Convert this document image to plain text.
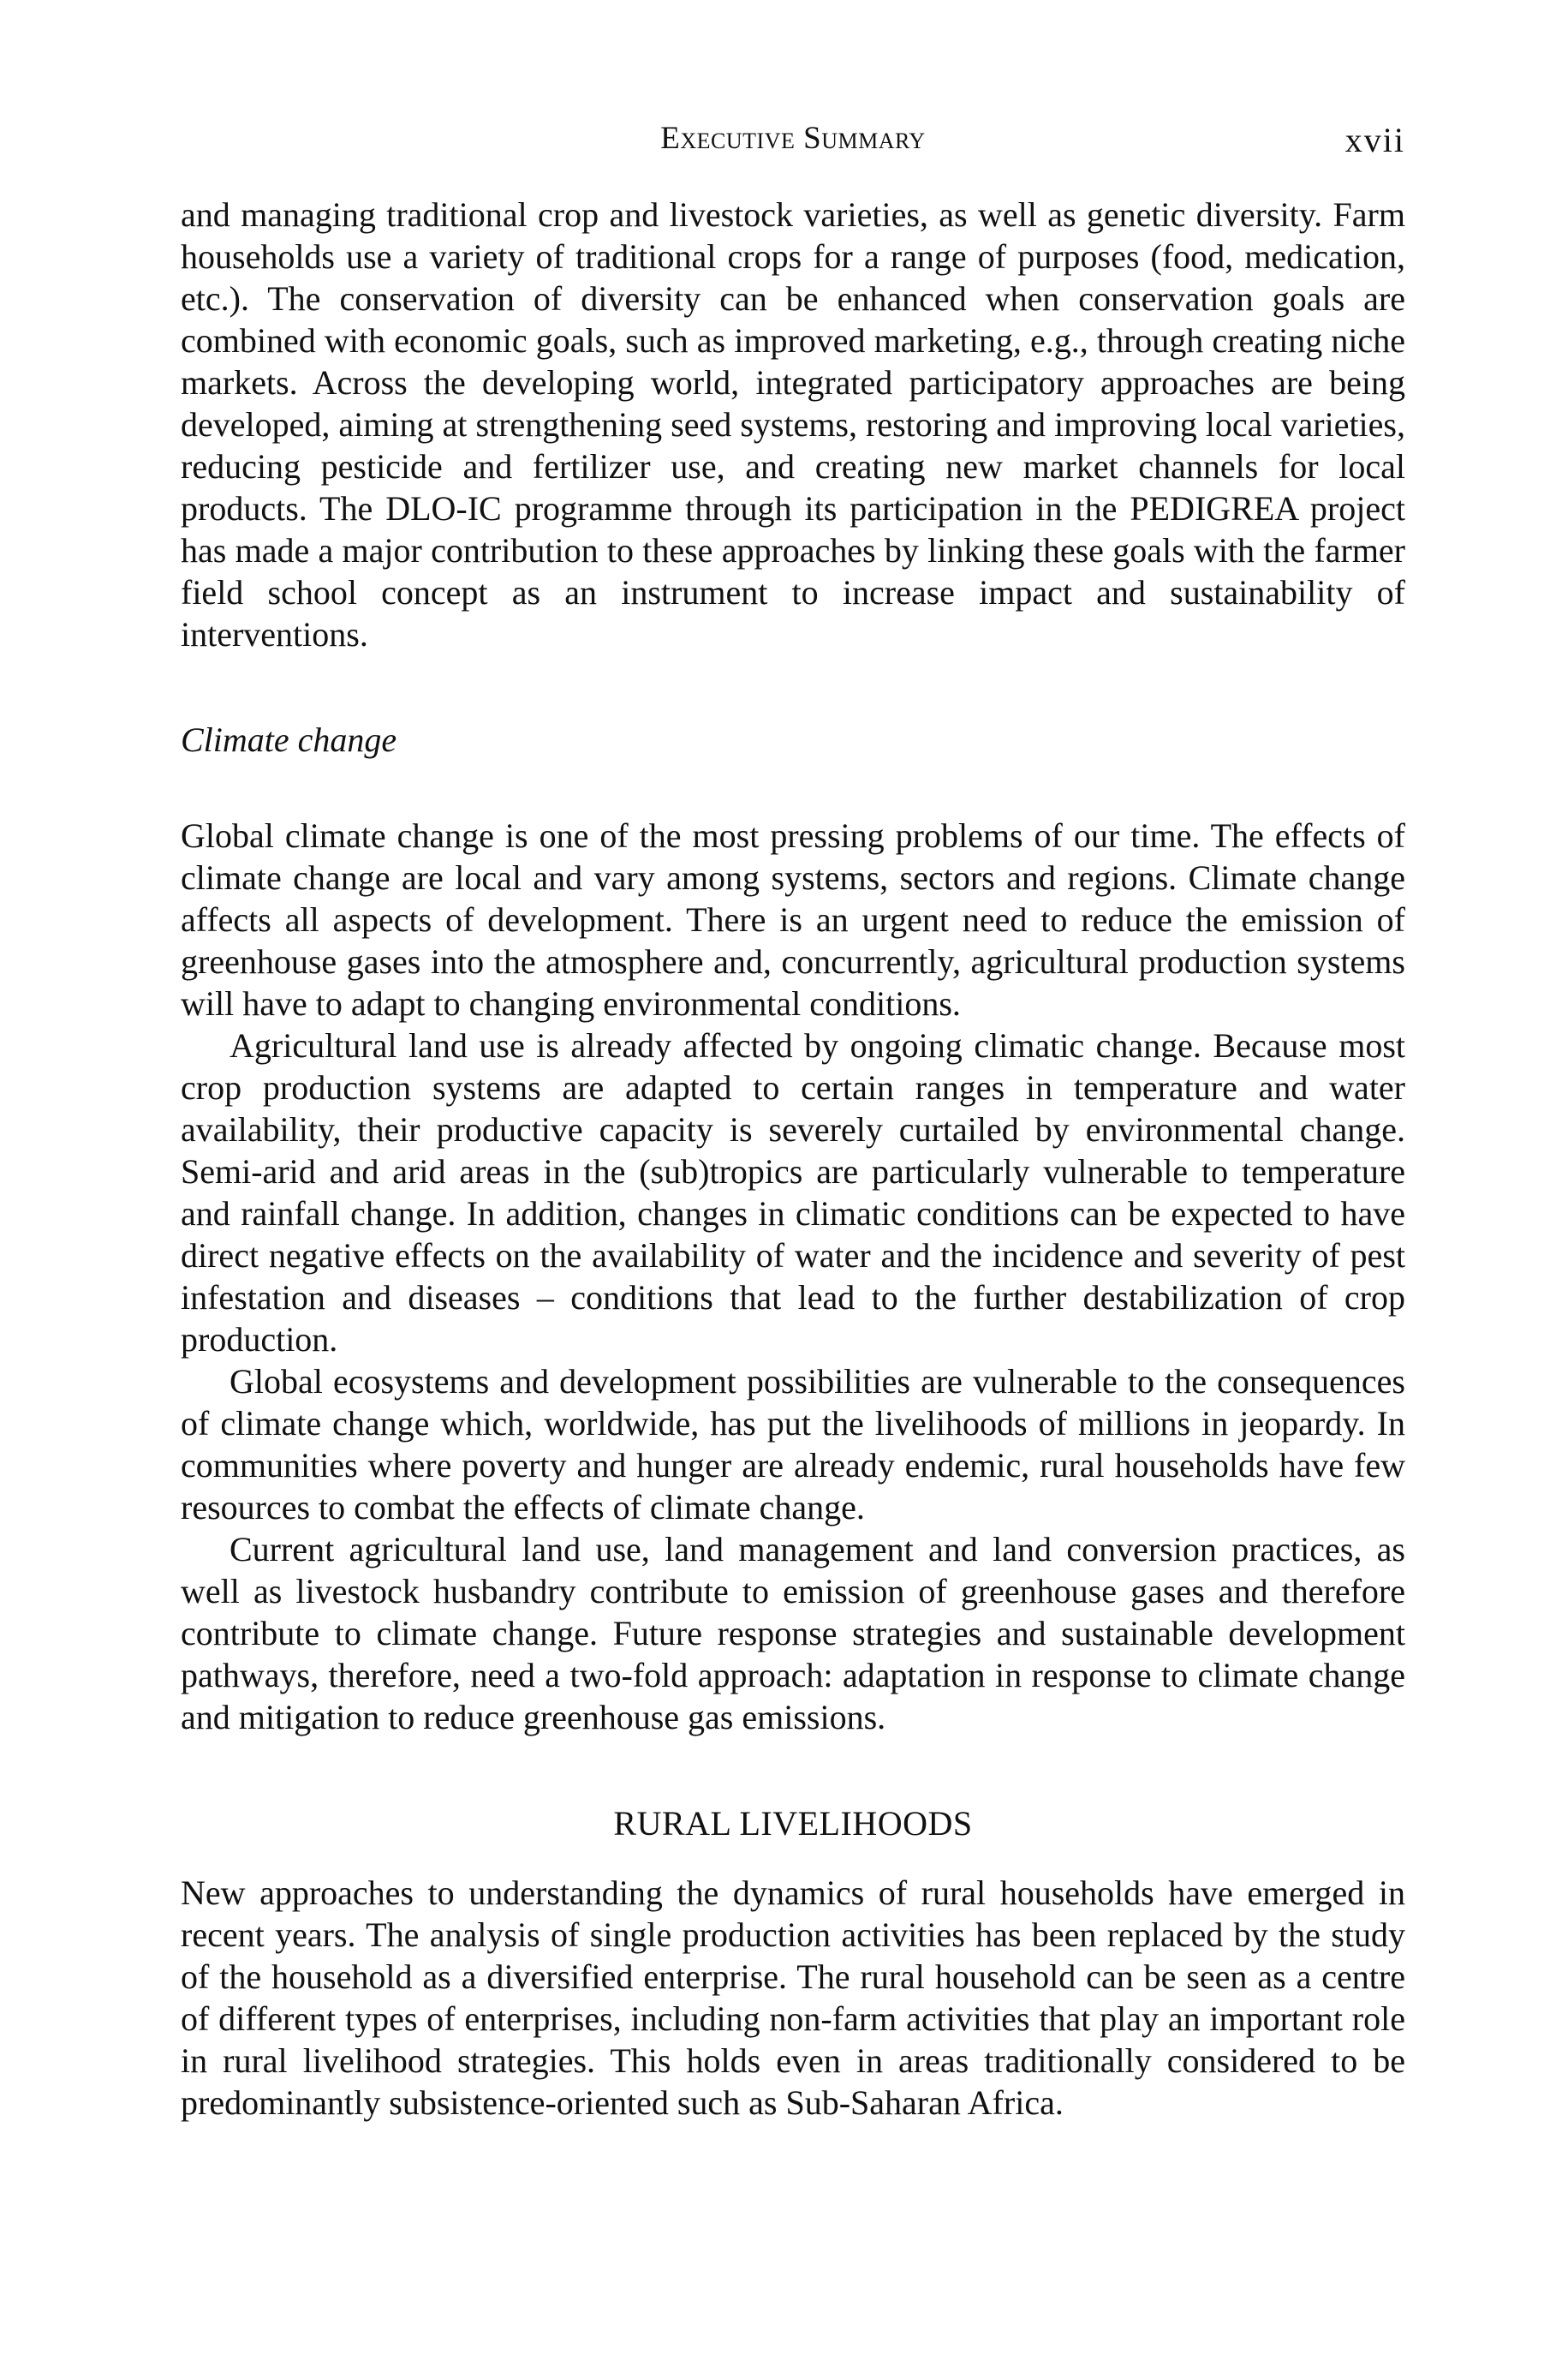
Executive Summary	xvii

and managing traditional crop and livestock varieties, as well as genetic diversity. Farm households use a variety of traditional crops for a range of purposes (food, medication, etc.). The conservation of diversity can be enhanced when conservation goals are combined with economic goals, such as improved marketing, e.g., through creating niche markets. Across the developing world, integrated participatory approaches are being developed, aiming at strengthening seed systems, restoring and improving local varieties, reducing pesticide and fertilizer use, and creating new market channels for local products. The DLO-IC programme through its participation in the PEDIGREA project has made a major contribution to these approaches by linking these goals with the farmer field school concept as an instrument to increase impact and sustainability of interventions.

Climate change

Global climate change is one of the most pressing problems of our time. The effects of climate change are local and vary among systems, sectors and regions. Climate change affects all aspects of development. There is an urgent need to reduce the emission of greenhouse gases into the atmosphere and, concurrently, agricultural production systems will have to adapt to changing environmental conditions.

Agricultural land use is already affected by ongoing climatic change. Because most crop production systems are adapted to certain ranges in temperature and water availability, their productive capacity is severely curtailed by environmental change. Semi-arid and arid areas in the (sub)tropics are particularly vulnerable to temperature and rainfall change. In addition, changes in climatic conditions can be expected to have direct negative effects on the availability of water and the incidence and severity of pest infestation and diseases – conditions that lead to the further destabilization of crop production.

Global ecosystems and development possibilities are vulnerable to the consequences of climate change which, worldwide, has put the livelihoods of millions in jeopardy. In communities where poverty and hunger are already endemic, rural households have few resources to combat the effects of climate change.

Current agricultural land use, land management and land conversion practices, as well as livestock husbandry contribute to emission of greenhouse gases and therefore contribute to climate change. Future response strategies and sustainable development pathways, therefore, need a two-fold approach: adaptation in response to climate change and mitigation to reduce greenhouse gas emissions.

RURAL LIVELIHOODS

New approaches to understanding the dynamics of rural households have emerged in recent years. The analysis of single production activities has been replaced by the study of the household as a diversified enterprise. The rural household can be seen as a centre of different types of enterprises, including non-farm activities that play an important role in rural livelihood strategies. This holds even in areas traditionally considered to be predominantly subsistence-oriented such as Sub-Saharan Africa.
